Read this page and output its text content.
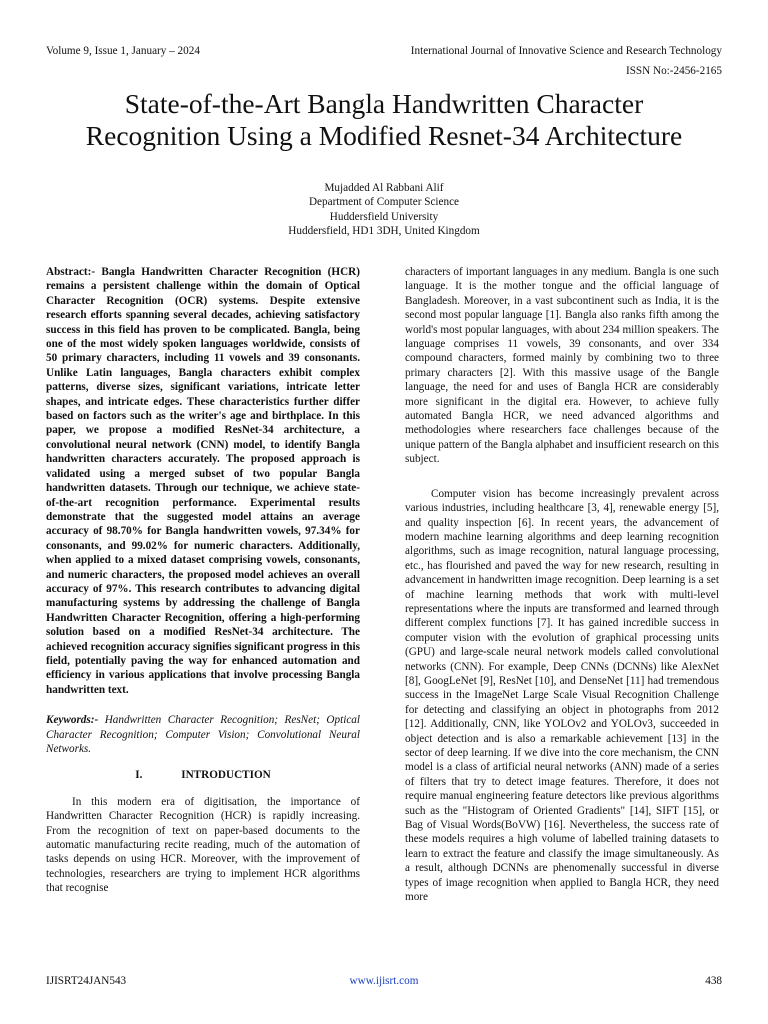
Volume 9, Issue 1, January – 2024	International Journal of Innovative Science and Research Technology
ISSN No:-2456-2165
State-of-the-Art Bangla Handwritten Character
Recognition Using a Modified Resnet-34 Architecture
Mujadded Al Rabbani Alif
Department of Computer Science
Huddersfield University
Huddersfield, HD1 3DH, United Kingdom

Abstract:- Bangla Handwritten Character Recognition (HCR) remains a persistent challenge within the domain of Optical Character Recognition (OCR) systems. Despite extensive research efforts spanning several decades, achieving satisfactory success in this field has proven to be complicated. Bangla, being one of the most widely spoken languages worldwide, consists of 50 primary characters, including 11 vowels and 39 consonants. Unlike Latin languages, Bangla characters exhibit complex patterns, diverse sizes, significant variations, intricate letter shapes, and intricate edges. These characteristics further differ based on factors such as the writer's age and birthplace. In this paper, we propose a modified ResNet-34 architecture, a convolutional neural network (CNN) model, to identify Bangla handwritten characters accurately. The proposed approach is validated using a merged subset of two popular Bangla handwritten datasets. Through our technique, we achieve state-of-the-art recognition performance. Experimental results demonstrate that the suggested model attains an average accuracy of 98.70% for Bangla handwritten vowels, 97.34% for consonants, and 99.02% for numeric characters. Additionally, when applied to a mixed dataset comprising vowels, consonants, and numeric characters, the proposed model achieves an overall accuracy of 97%. This research contributes to advancing digital manufacturing systems by addressing the challenge of Bangla Handwritten Character Recognition, offering a high-performing solution based on a modified ResNet-34 architecture. The achieved recognition accuracy signifies significant progress in this field, potentially paving the way for enhanced automation and efficiency in various applications that involve processing Bangla handwritten text.

Keywords:- Handwritten Character Recognition; ResNet; Optical Character Recognition; Computer Vision; Convolutional Neural Networks.

I.	INTRODUCTION

In this modern era of digitisation, the importance of Handwritten Character Recognition (HCR) is rapidly increasing. From the recognition of text on paper-based documents to the automatic manufacturing recite reading, much of the automation of tasks depends on using HCR. Moreover, with the improvement of technologies, researchers are trying to implement HCR algorithms that recognise

characters of important languages in any medium. Bangla is one such language. It is the mother tongue and the official language of Bangladesh. Moreover, in a vast subcontinent such as India, it is the second most popular language [1]. Bangla also ranks fifth among the world's most popular languages, with about 234 million speakers. The language comprises 11 vowels, 39 consonants, and over 334 compound characters, formed mainly by combining two to three primary characters [2]. With this massive usage of the Bangle language, the need for and uses of Bangla HCR are considerably more significant in the digital era. However, to achieve fully automated Bangla HCR, we need advanced algorithms and methodologies where researchers face challenges because of the unique pattern of the Bangla alphabet and insufficient research on this subject.

Computer vision has become increasingly prevalent across various industries, including healthcare [3, 4], renewable energy [5], and quality inspection [6]. In recent years, the advancement of modern machine learning algorithms and deep learning recognition algorithms, such as image recognition, natural language processing, etc., has flourished and paved the way for new research, resulting in advancement in handwritten image recognition. Deep learning is a set of machine learning methods that work with multi-level representations where the inputs are transformed and learned through different complex functions [7]. It has gained incredible success in computer vision with the evolution of graphical processing units (GPU) and large-scale neural network models called convolutional networks (CNN). For example, Deep CNNs (DCNNs) like AlexNet [8], GoogLeNet [9], ResNet [10], and DenseNet [11] had tremendous success in the ImageNet Large Scale Visual Recognition Challenge for detecting and classifying an object in photographs from 2012 [12]. Additionally, CNN, like YOLOv2 and YOLOv3, succeeded in object detection and is also a remarkable achievement [13] in the sector of deep learning. If we dive into the core mechanism, the CNN model is a class of artificial neural networks (ANN) made of a series of filters that try to detect image features. Therefore, it does not require manual engineering feature detectors like previous algorithms such as the "Histogram of Oriented Gradients" [14], SIFT [15], or Bag of Visual Words(BoVW) [16]. Nevertheless, the success rate of these models requires a high volume of labelled training datasets to learn to extract the feature and classify the image simultaneously. As a result, although DCNNs are phenomenally successful in diverse types of image recognition when applied to Bangla HCR, they need more

IJISRT24JAN543	www.ijisrt.com	438
